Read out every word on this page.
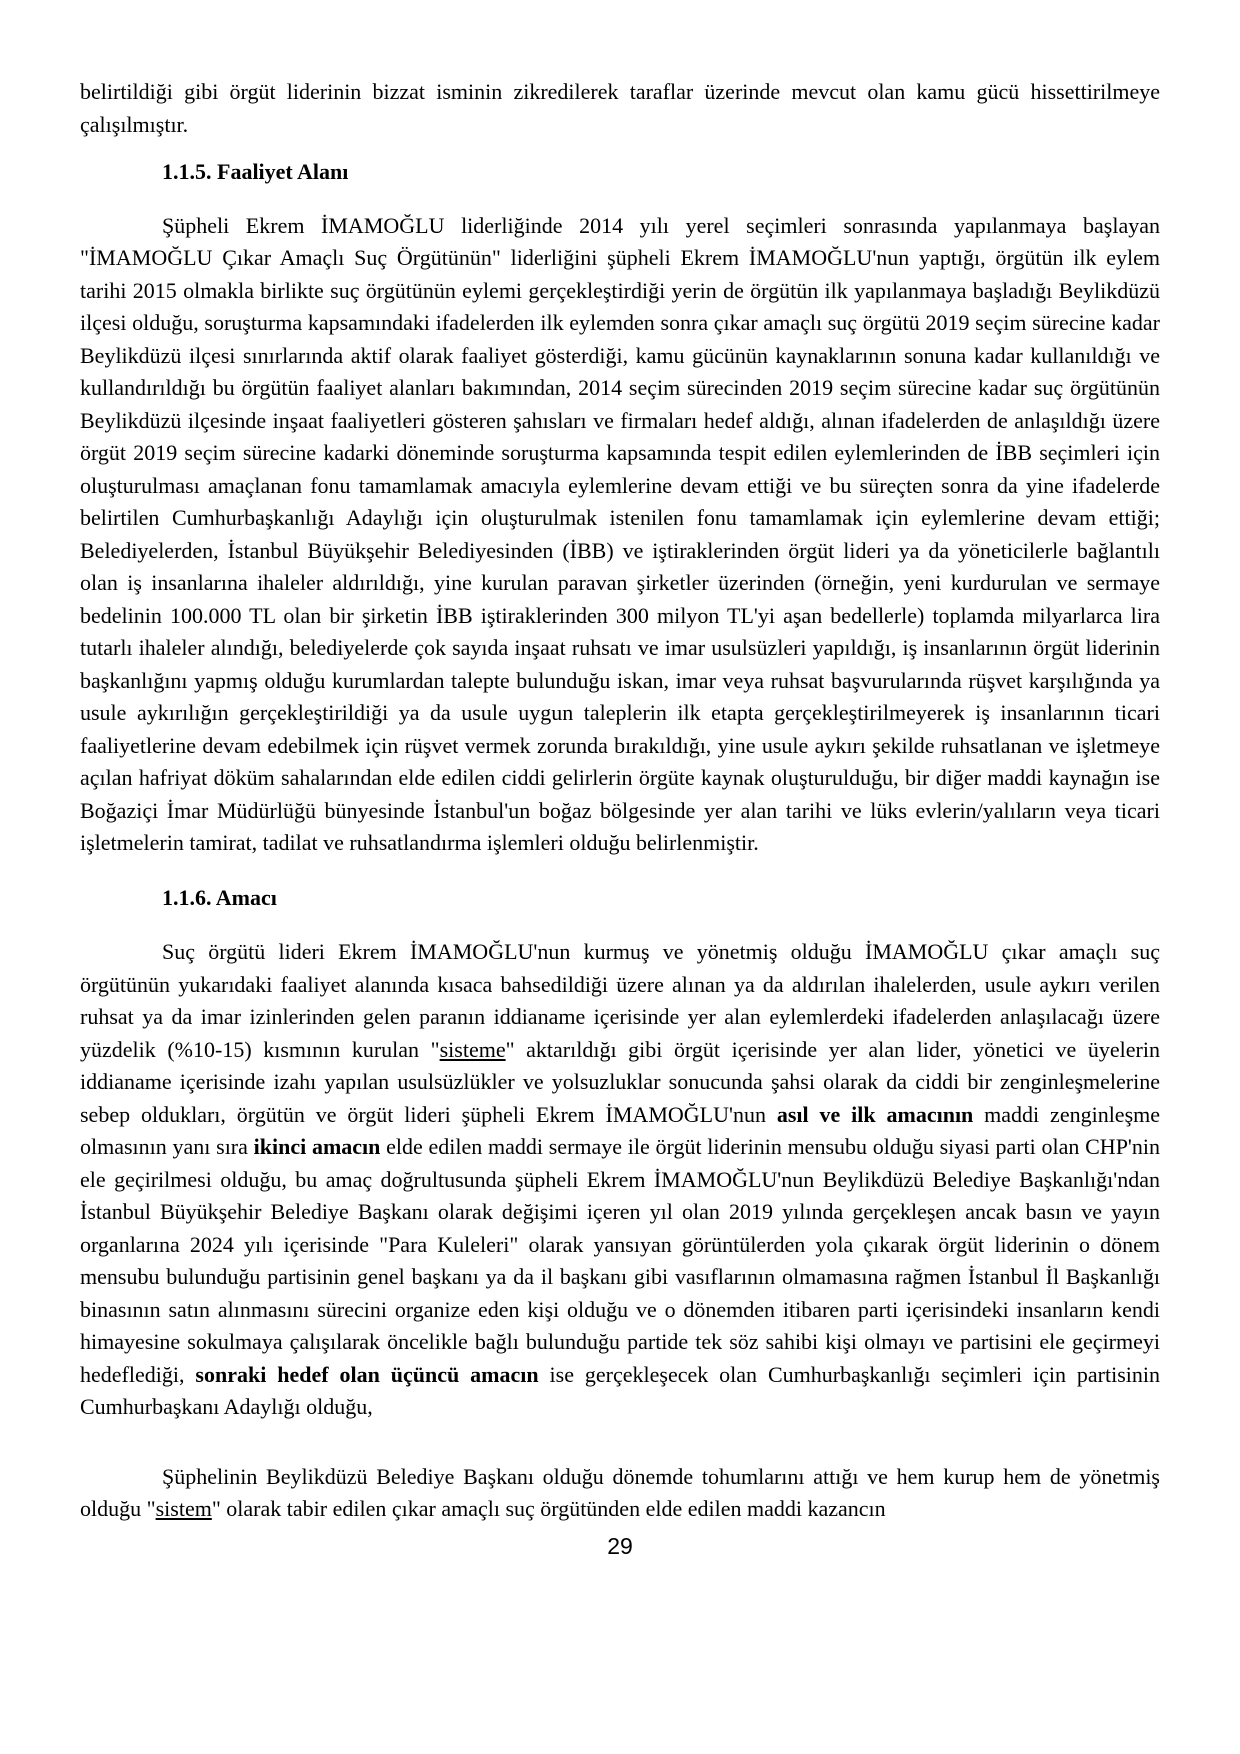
belirtildiği gibi örgüt liderinin bizzat isminin zikredilerek taraflar üzerinde mevcut olan kamu gücü hissettirilmeye çalışılmıştır.

1.1.5. Faaliyet Alanı

Şüpheli Ekrem İMAMOĞLU liderliğinde 2014 yılı yerel seçimleri sonrasında yapılanmaya başlayan "İMAMOĞLU Çıkar Amaçlı Suç Örgütünün" liderliğini şüpheli Ekrem İMAMOĞLU'nun yaptığı, örgütün ilk eylem tarihi 2015 olmakla birlikte suç örgütünün eylemi gerçekleştirdiği yerin de örgütün ilk yapılanmaya başladığı Beylikdüzü ilçesi olduğu, soruşturma kapsamındaki ifadelerden ilk eylemden sonra çıkar amaçlı suç örgütü 2019 seçim sürecine kadar Beylikdüzü ilçesi sınırlarında aktif olarak faaliyet gösterdiği, kamu gücünün kaynaklarının sonuna kadar kullanıldığı ve kullandırıldığı bu örgütün faaliyet alanları bakımından, 2014 seçim sürecinden 2019 seçim sürecine kadar suç örgütünün Beylikdüzü ilçesinde inşaat faaliyetleri gösteren şahısları ve firmaları hedef aldığı, alınan ifadelerden de anlaşıldığı üzere örgüt 2019 seçim sürecine kadarki döneminde soruşturma kapsamında tespit edilen eylemlerinden de İBB seçimleri için oluşturulması amaçlanan fonu tamamlamak amacıyla eylemlerine devam ettiği ve bu süreçten sonra da yine ifadelerde belirtilen Cumhurbaşkanlığı Adaylığı için oluşturulmak istenilen fonu tamamlamak için eylemlerine devam ettiği; Belediyelerden, İstanbul Büyükşehir Belediyesinden (İBB) ve iştiraklerinden örgüt lideri ya da yöneticilerle bağlantılı olan iş insanlarına ihaleler aldırıldığı, yine kurulan paravan şirketler üzerinden (örneğin, yeni kurdurulan ve sermaye bedelinin 100.000 TL olan bir şirketin İBB iştiraklerinden 300 milyon TL'yi aşan bedellerle) toplamda milyarlarca lira tutarlı ihaleler alındığı, belediyelerde çok sayıda inşaat ruhsatı ve imar usulsüzleri yapıldığı, iş insanlarının örgüt liderinin başkanlığını yapmış olduğu kurumlardan talepte bulunduğu iskan, imar veya ruhsat başvurularında rüşvet karşılığında ya usule aykırılığın gerçekleştirildiği ya da usule uygun taleplerin ilk etapta gerçekleştirilmeyerek iş insanlarının ticari faaliyetlerine devam edebilmek için rüşvet vermek zorunda bırakıldığı, yine usule aykırı şekilde ruhsatlanan ve işletmeye açılan hafriyat döküm sahalarından elde edilen ciddi gelirlerin örgüte kaynak oluşturulduğu, bir diğer maddi kaynağın ise Boğaziçi İmar Müdürlüğü bünyesinde İstanbul'un boğaz bölgesinde yer alan tarihi ve lüks evlerin/yalıların veya ticari işletmelerin tamirat, tadilat ve ruhsatlandırma işlemleri olduğu belirlenmiştir.

1.1.6. Amacı

Suç örgütü lideri Ekrem İMAMOĞLU'nun kurmuş ve yönetmiş olduğu İMAMOĞLU çıkar amaçlı suç örgütünün yukarıdaki faaliyet alanında kısaca bahsedildiği üzere alınan ya da aldırılan ihalelerden, usule aykırı verilen ruhsat ya da imar izinlerinden gelen paranın iddianame içerisinde yer alan eylemlerdeki ifadelerden anlaşılacağı üzere yüzdelik (%10-15) kısmının kurulan "sisteme" aktarıldığı gibi örgüt içerisinde yer alan lider, yönetici ve üyelerin iddianame içerisinde izahı yapılan usulsüzlükler ve yolsuzluklar sonucunda şahsi olarak da ciddi bir zenginleşmelerine sebep oldukları, örgütün ve örgüt lideri şüpheli Ekrem İMAMOĞLU'nun asıl ve ilk amacının maddi zenginleşme olmasının yanı sıra ikinci amacın elde edilen maddi sermaye ile örgüt liderinin mensubu olduğu siyasi parti olan CHP'nin ele geçirilmesi olduğu, bu amaç doğrultusunda şüpheli Ekrem İMAMOĞLU'nun Beylikdüzü Belediye Başkanlığı'ndan İstanbul Büyükşehir Belediye Başkanı olarak değişimi içeren yıl olan 2019 yılında gerçekleşen ancak basın ve yayın organlarına 2024 yılı içerisinde "Para Kuleleri" olarak yansıyan görüntülerden yola çıkarak örgüt liderinin o dönem mensubu bulunduğu partisinin genel başkanı ya da il başkanı gibi vasıflarının olmamasına rağmen İstanbul İl Başkanlığı binasının satın alınmasını sürecini organize eden kişi olduğu ve o dönemden itibaren parti içerisindeki insanların kendi himayesine sokulmaya çalışılarak öncelikle bağlı bulunduğu partide tek söz sahibi kişi olmayı ve partisini ele geçirmeyi hedeflediği, sonraki hedef olan üçüncü amacın ise gerçekleşecek olan Cumhurbaşkanlığı seçimleri için partisinin Cumhurbaşkanı Adaylığı olduğu,

Şüphelinin Beylikdüzü Belediye Başkanı olduğu dönemde tohumlarını attığı ve hem kurup hem de yönetmiş olduğu "sistem" olarak tabir edilen çıkar amaçlı suç örgütünden elde edilen maddi kazancın

29
